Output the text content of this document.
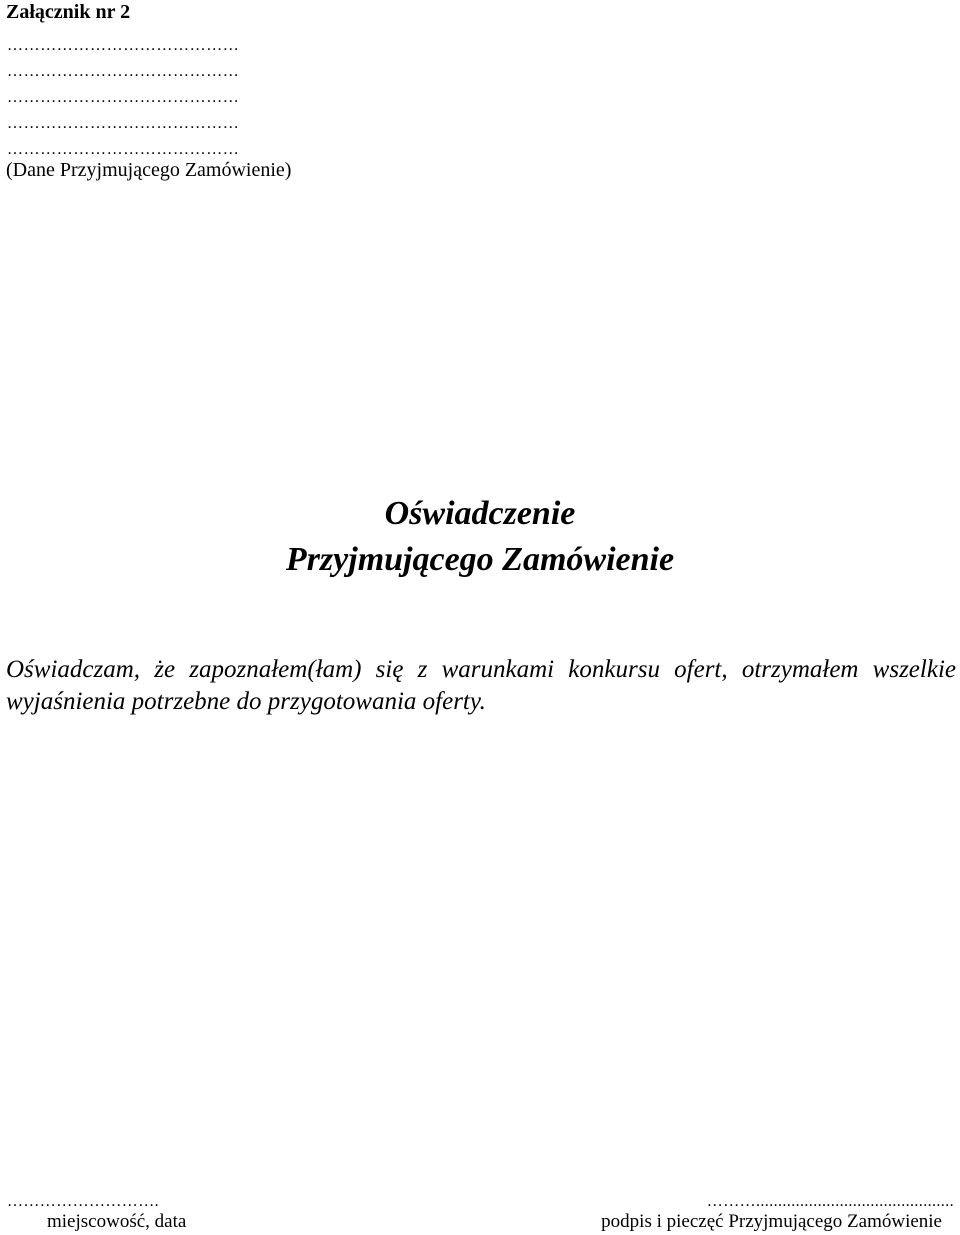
Załącznik nr 2
……………………………………
……………………………………
……………………………………
……………………………………
……………………………………
(Dane Przyjmującego Zamówienie)
Oświadczenie
Przyjmującego Zamówienie
Oświadczam, że zapoznałem(łam) się z warunkami konkursu ofert, otrzymałem wszelkie wyjaśnienia potrzebne do przygotowania oferty.
……………………….
miejscowość, data
……….............................................
podpis i pieczęć Przyjmującego Zamówienie
